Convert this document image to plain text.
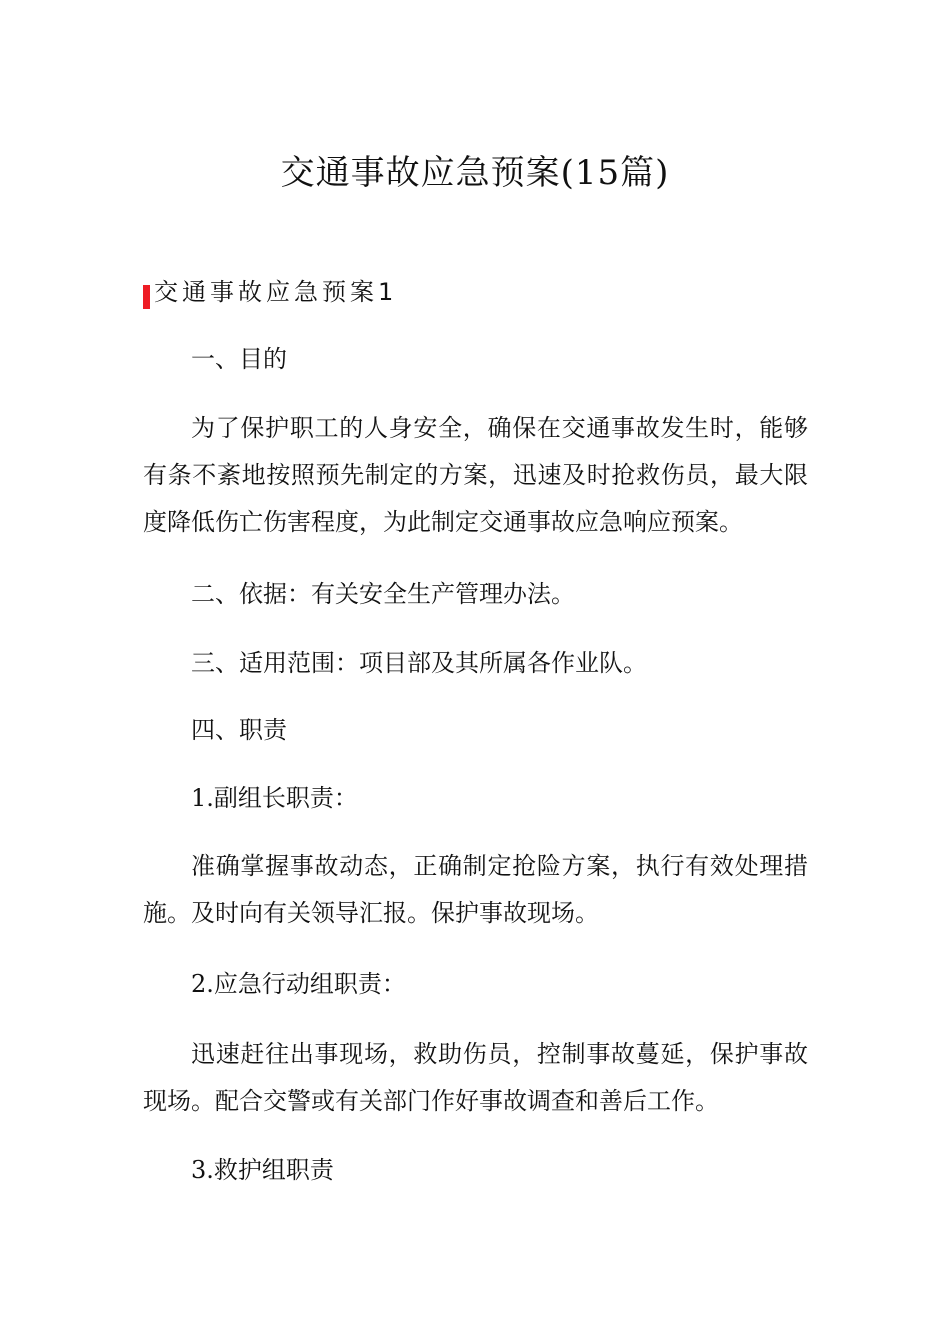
交通事故应急预案(15篇)
交通事故应急预案1

一、目的

为了保护职工的人身安全，确保在交通事故发生时，能够有条不紊地按照预先制定的方案，迅速及时抢救伤员，最大限度降低伤亡伤害程度，为此制定交通事故应急响应预案。

二、依据：有关安全生产管理办法。

三、适用范围：项目部及其所属各作业队。

四、职责

1.副组长职责：

准确掌握事故动态，正确制定抢险方案，执行有效处理措施。及时向有关领导汇报。保护事故现场。

2.应急行动组职责：

迅速赶往出事现场，救助伤员，控制事故蔓延，保护事故现场。配合交警或有关部门作好事故调查和善后工作。

3.救护组职责
